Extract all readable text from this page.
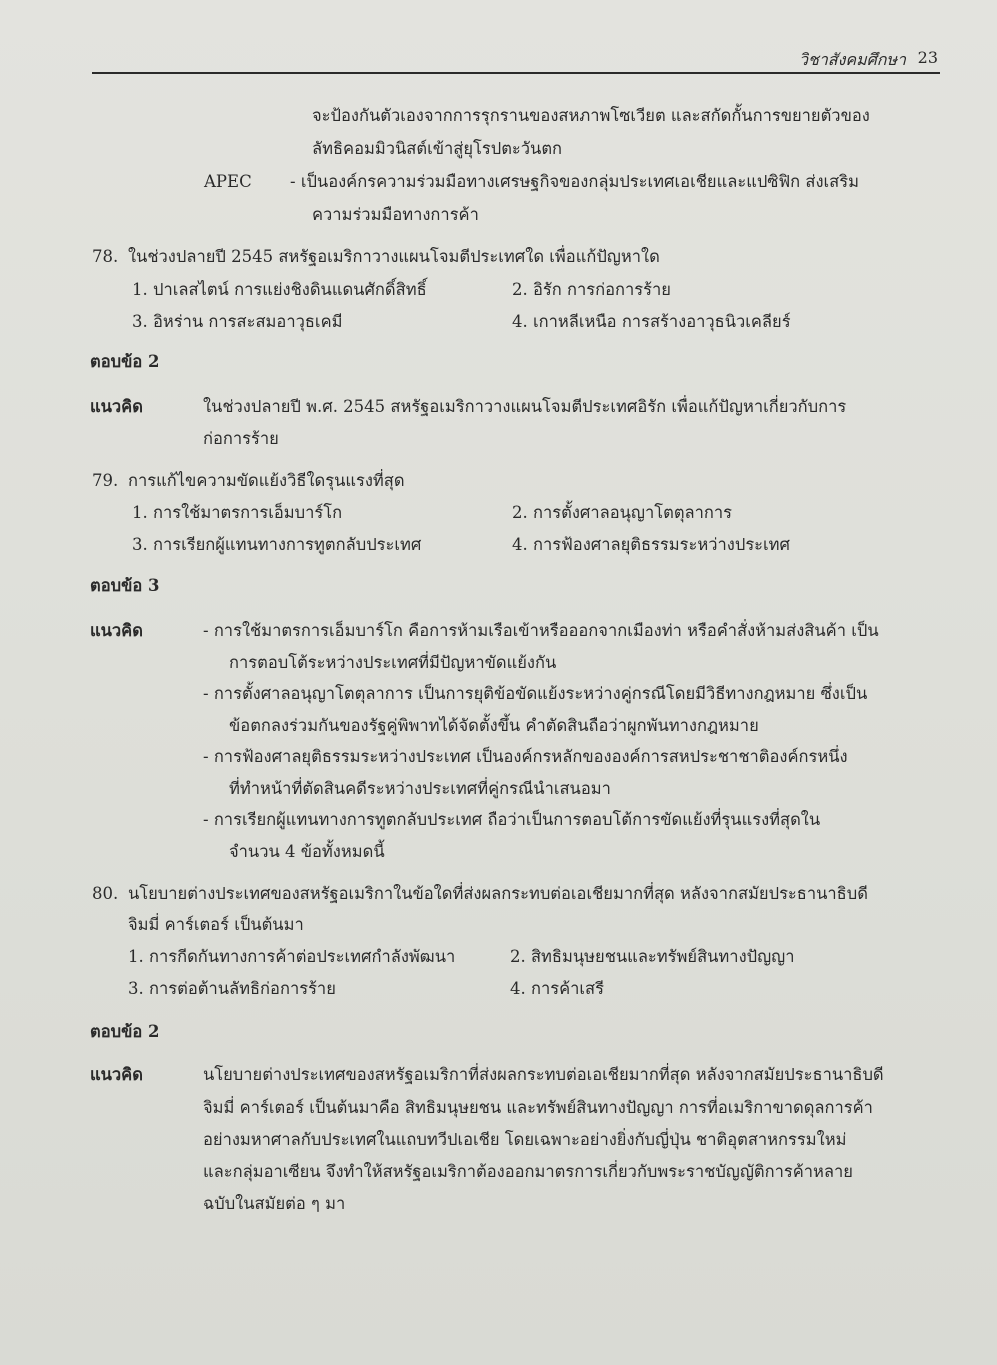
วิชาสังคมศึกษา 23
จะป้องกันตัวเองจากการรุกรานของสหภาพโซเวียต และสกัดกั้นการขยายตัวของ
ลัทธิคอมมิวนิสต์เข้าสู่ยุโรปตะวันตก
APEC - เป็นองค์กรความร่วมมือทางเศรษฐกิจของกลุ่มประเทศเอเชียและแปซิฟิก ส่งเสริม
ความร่วมมือทางการค้า
78. ในช่วงปลายปี 2545 สหรัฐอเมริกาวางแผนโจมตีประเทศใด เพื่อแก้ปัญหาใด
1. ปาเลสไตน์ การแย่งชิงดินแดนศักดิ์สิทธิ์	2. อิรัก การก่อการร้าย
3. อิหร่าน การสะสมอาวุธเคมี	4. เกาหลีเหนือ การสร้างอาวุธนิวเคลียร์
ตอบข้อ 2
แนวคิด	ในช่วงปลายปี พ.ศ. 2545 สหรัฐอเมริกาวางแผนโจมตีประเทศอิรัก เพื่อแก้ปัญหาเกี่ยวกับการ
ก่อการร้าย
79. การแก้ไขความขัดแย้งวิธีใดรุนแรงที่สุด
1. การใช้มาตรการเอ็มบาร์โก	2. การตั้งศาลอนุญาโตตุลาการ
3. การเรียกผู้แทนทางการทูตกลับประเทศ	4. การฟ้องศาลยุติธรรมระหว่างประเทศ
ตอบข้อ 3
แนวคิด	- การใช้มาตรการเอ็มบาร์โก คือการห้ามเรือเข้าหรือออกจากเมืองท่า หรือคำสั่งห้ามส่งสินค้า เป็น
การตอบโต้ระหว่างประเทศที่มีปัญหาขัดแย้งกัน
- การตั้งศาลอนุญาโตตุลาการ เป็นการยุติข้อขัดแย้งระหว่างคู่กรณีโดยมีวิธีทางกฎหมาย ซึ่งเป็น
ข้อตกลงร่วมกันของรัฐคู่พิพาทได้จัดตั้งขึ้น คำตัดสินถือว่าผูกพันทางกฎหมาย
- การฟ้องศาลยุติธรรมระหว่างประเทศ เป็นองค์กรหลักขององค์การสหประชาชาติองค์กรหนึ่ง
ที่ทำหน้าที่ตัดสินคดีระหว่างประเทศที่คู่กรณีนำเสนอมา
- การเรียกผู้แทนทางการทูตกลับประเทศ ถือว่าเป็นการตอบโต้การขัดแย้งที่รุนแรงที่สุดใน
จำนวน 4 ข้อทั้งหมดนี้
80. นโยบายต่างประเทศของสหรัฐอเมริกาในข้อใดที่ส่งผลกระทบต่อเอเชียมากที่สุด หลังจากสมัยประธานาธิบดี
จิมมี่ คาร์เตอร์ เป็นต้นมา
1. การกีดกันทางการค้าต่อประเทศกำลังพัฒนา	2. สิทธิมนุษยชนและทรัพย์สินทางปัญญา
3. การต่อต้านลัทธิก่อการร้าย	4. การค้าเสรี
ตอบข้อ 2
แนวคิด	นโยบายต่างประเทศของสหรัฐอเมริกาที่ส่งผลกระทบต่อเอเชียมากที่สุด หลังจากสมัยประธานาธิบดี
จิมมี่ คาร์เตอร์ เป็นต้นมาคือ สิทธิมนุษยชน และทรัพย์สินทางปัญญา การที่อเมริกาขาดดุลการค้า
อย่างมหาศาลกับประเทศในแถบทวีปเอเชีย โดยเฉพาะอย่างยิ่งกับญี่ปุ่น ชาติอุตสาหกรรมใหม่
และกลุ่มอาเซียน จึงทำให้สหรัฐอเมริกาต้องออกมาตรการเกี่ยวกับพระราชบัญญัติการค้าหลาย
ฉบับในสมัยต่อ ๆ มา
